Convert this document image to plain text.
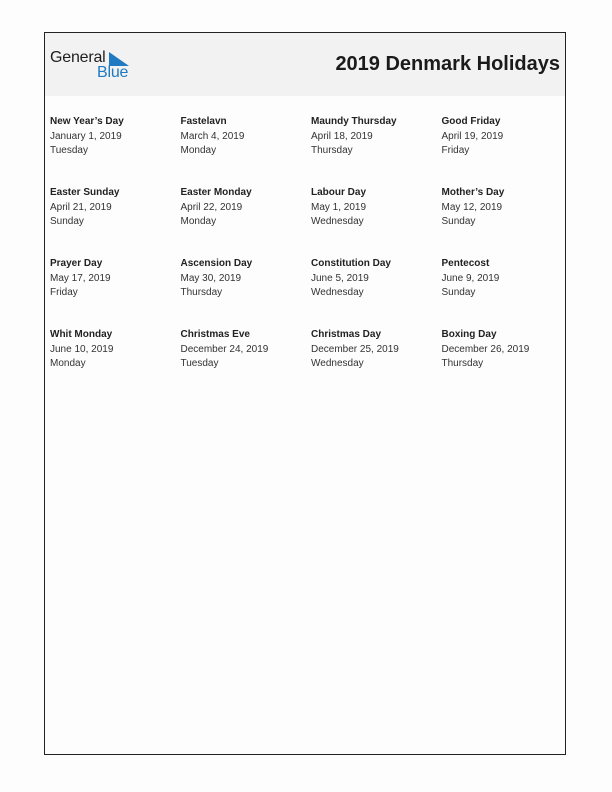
General
Blue	2019 Denmark Holidays
New Year’s Day
January 1, 2019
Tuesday
Fastelavn
March 4, 2019
Monday
Maundy Thursday
April 18, 2019
Thursday
Good Friday
April 19, 2019
Friday
Easter Sunday
April 21, 2019
Sunday
Easter Monday
April 22, 2019
Monday
Labour Day
May 1, 2019
Wednesday
Mother’s Day
May 12, 2019
Sunday
Prayer Day
May 17, 2019
Friday
Ascension Day
May 30, 2019
Thursday
Constitution Day
June 5, 2019
Wednesday
Pentecost
June 9, 2019
Sunday
Whit Monday
June 10, 2019
Monday
Christmas Eve
December 24, 2019
Tuesday
Christmas Day
December 25, 2019
Wednesday
Boxing Day
December 26, 2019
Thursday
